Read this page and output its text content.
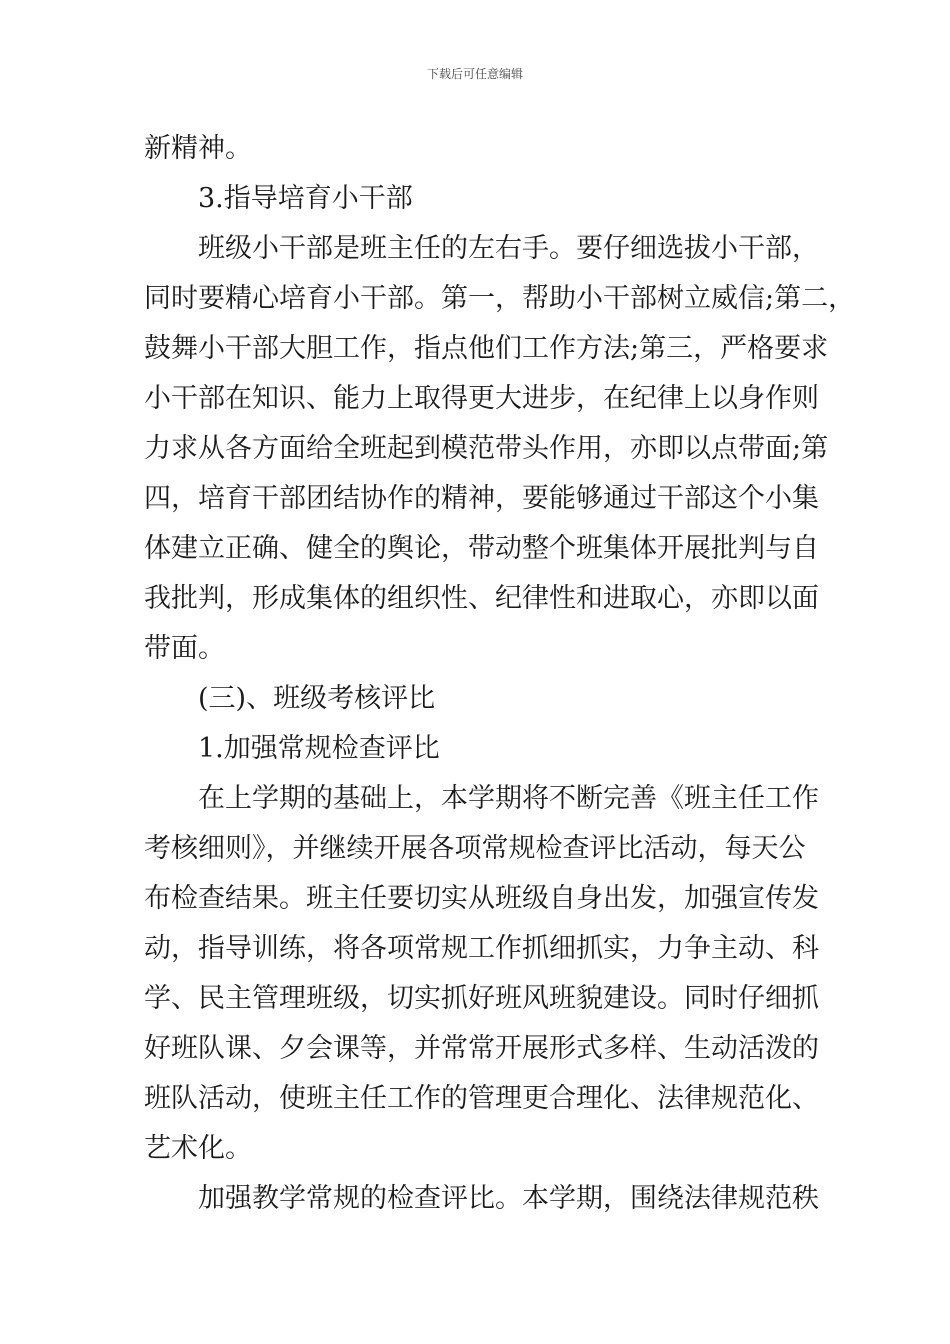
下载后可任意编辑
新精神。
3.指导培育小干部
班级小干部是班主任的左右手。要仔细选拔小干部，
同时要精心培育小干部。第一，帮助小干部树立威信;第二，
鼓舞小干部大胆工作，指点他们工作方法;第三，严格要求
小干部在知识、能力上取得更大进步，在纪律上以身作则
力求从各方面给全班起到模范带头作用，亦即以点带面;第
四，培育干部团结协作的精神，要能够通过干部这个小集
体建立正确、健全的舆论，带动整个班集体开展批判与自
我批判，形成集体的组织性、纪律性和进取心，亦即以面
带面。
(三)、班级考核评比
1.加强常规检查评比
在上学期的基础上，本学期将不断完善《班主任工作
考核细则》，并继续开展各项常规检查评比活动，每天公
布检查结果。班主任要切实从班级自身出发，加强宣传发
动，指导训练，将各项常规工作抓细抓实，力争主动、科
学、民主管理班级，切实抓好班风班貌建设。同时仔细抓
好班队课、夕会课等，并常常开展形式多样、生动活泼的
班队活动，使班主任工作的管理更合理化、法律规范化、
艺术化。
加强教学常规的检查评比。本学期，围绕法律规范秩
